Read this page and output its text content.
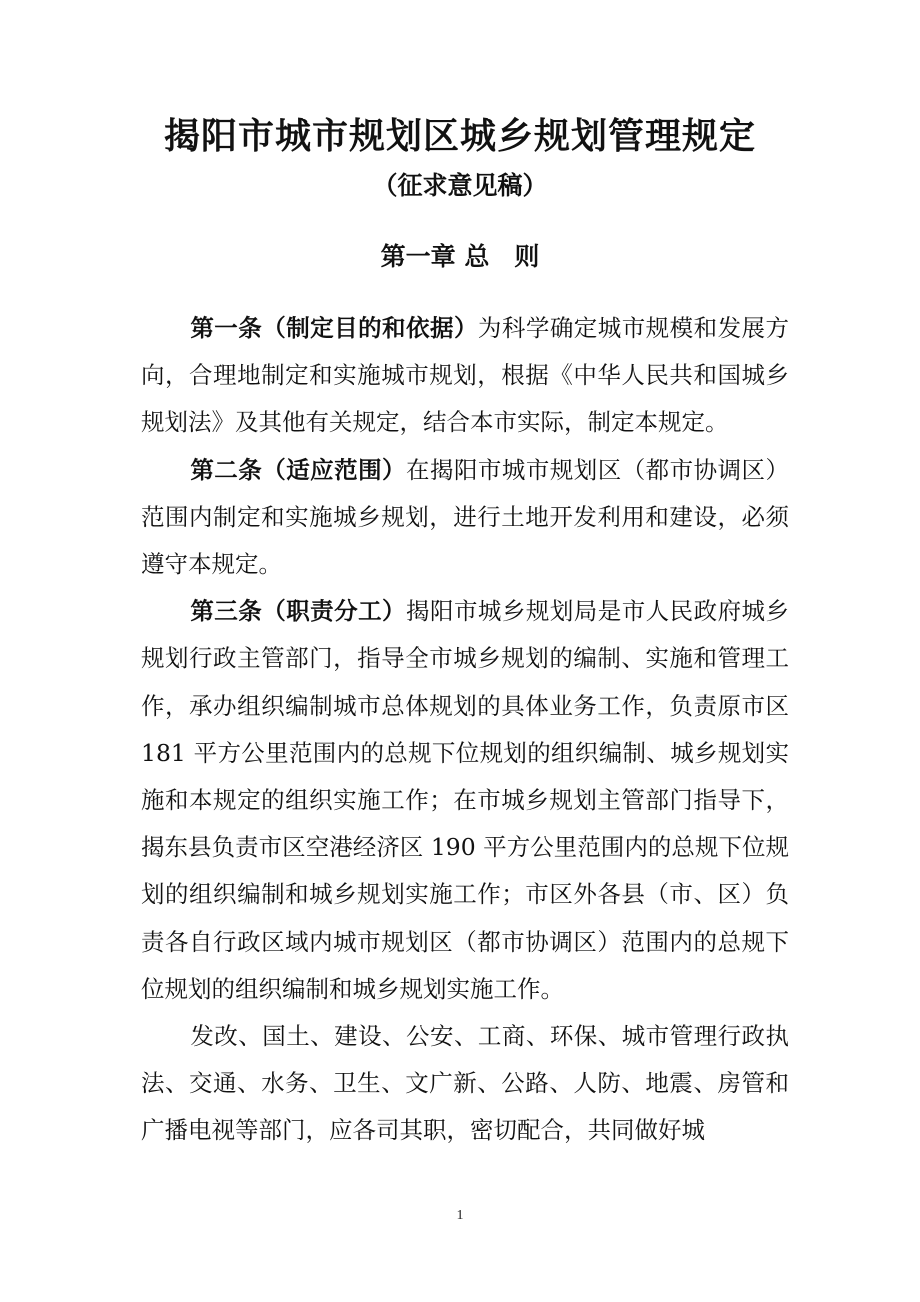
揭阳市城市规划区城乡规划管理规定
（征求意见稿）
第一章 总　则

第一条（制定目的和依据）为科学确定城市规模和发展方向，合理地制定和实施城市规划，根据《中华人民共和国城乡规划法》及其他有关规定，结合本市实际，制定本规定。

第二条（适应范围）在揭阳市城市规划区（都市协调区）范围内制定和实施城乡规划，进行土地开发利用和建设，必须遵守本规定。

第三条（职责分工）揭阳市城乡规划局是市人民政府城乡规划行政主管部门，指导全市城乡规划的编制、实施和管理工作，承办组织编制城市总体规划的具体业务工作，负责原市区 181 平方公里范围内的总规下位规划的组织编制、城乡规划实施和本规定的组织实施工作；在市城乡规划主管部门指导下，揭东县负责市区空港经济区 190 平方公里范围内的总规下位规划的组织编制和城乡规划实施工作；市区外各县（市、区）负责各自行政区域内城市规划区（都市协调区）范围内的总规下位规划的组织编制和城乡规划实施工作。

发改、国土、建设、公安、工商、环保、城市管理行政执法、交通、水务、卫生、文广新、公路、人防、地震、房管和广播电视等部门，应各司其职，密切配合，共同做好城

1
